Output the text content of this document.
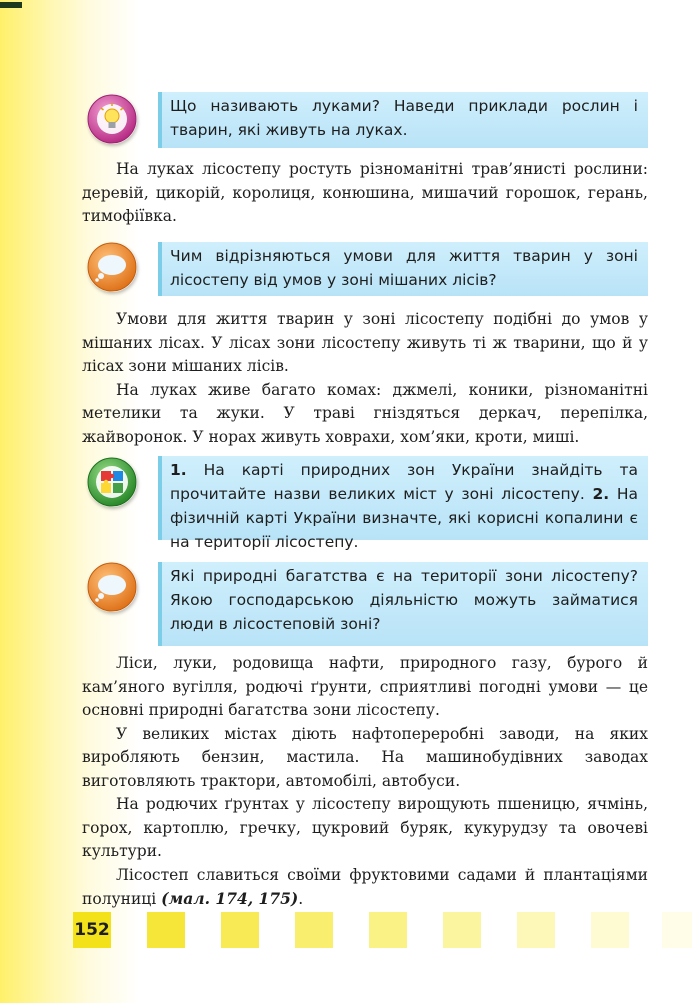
Що називають луками? Наведи приклади рослин і тварин, які живуть на луках.

На луках лісостепу ростуть різноманітні трав’янисті рослини: деревій, цикорій, королиця, конюшина, мишачий горошок, герань, тимофіївка.

Чим відрізняються умови для життя тварин у зоні лісостепу від умов у зоні мішаних лісів?

Умови для життя тварин у зоні лісостепу подібні до умов у мішаних лісах. У лісах зони лісостепу живуть ті ж тварини, що й у лісах зони мішаних лісів.

На луках живе багато комах: джмелі, коники, різноманітні метелики та жуки. У траві гніздяться деркач, перепілка, жайворонок. У норах живуть ховрахи, хом’яки, кроти, миші.

1. На карті природних зон України знайдіть та прочитайте назви великих міст у зоні лісостепу. 2. На фізичній карті України визначте, які корисні копалини є на території лісостепу.
Які природні багатства є на території зони лісостепу? Якою господарською діяльністю можуть займатися люди в лісостеповій зоні?

Ліси, луки, родовища нафти, природного газу, бурого й кам’яного вугілля, родючі ґрунти, сприятливі погодні умови — це основні природні багатства зони лісостепу.

У великих містах діють нафтопереробні заводи, на яких виробляють бензин, мастила. На машинобудівних заводах виготовляють трактори, автомобілі, автобуси.

На родючих ґрунтах у лісостепу вирощують пшеницю, ячмінь, горох, картоплю, гречку, цукровий буряк, кукурудзу та овочеві культури.

Лісостеп славиться своїми фруктовими садами й плантаціями полуниці (мал. 174, 175).

152
